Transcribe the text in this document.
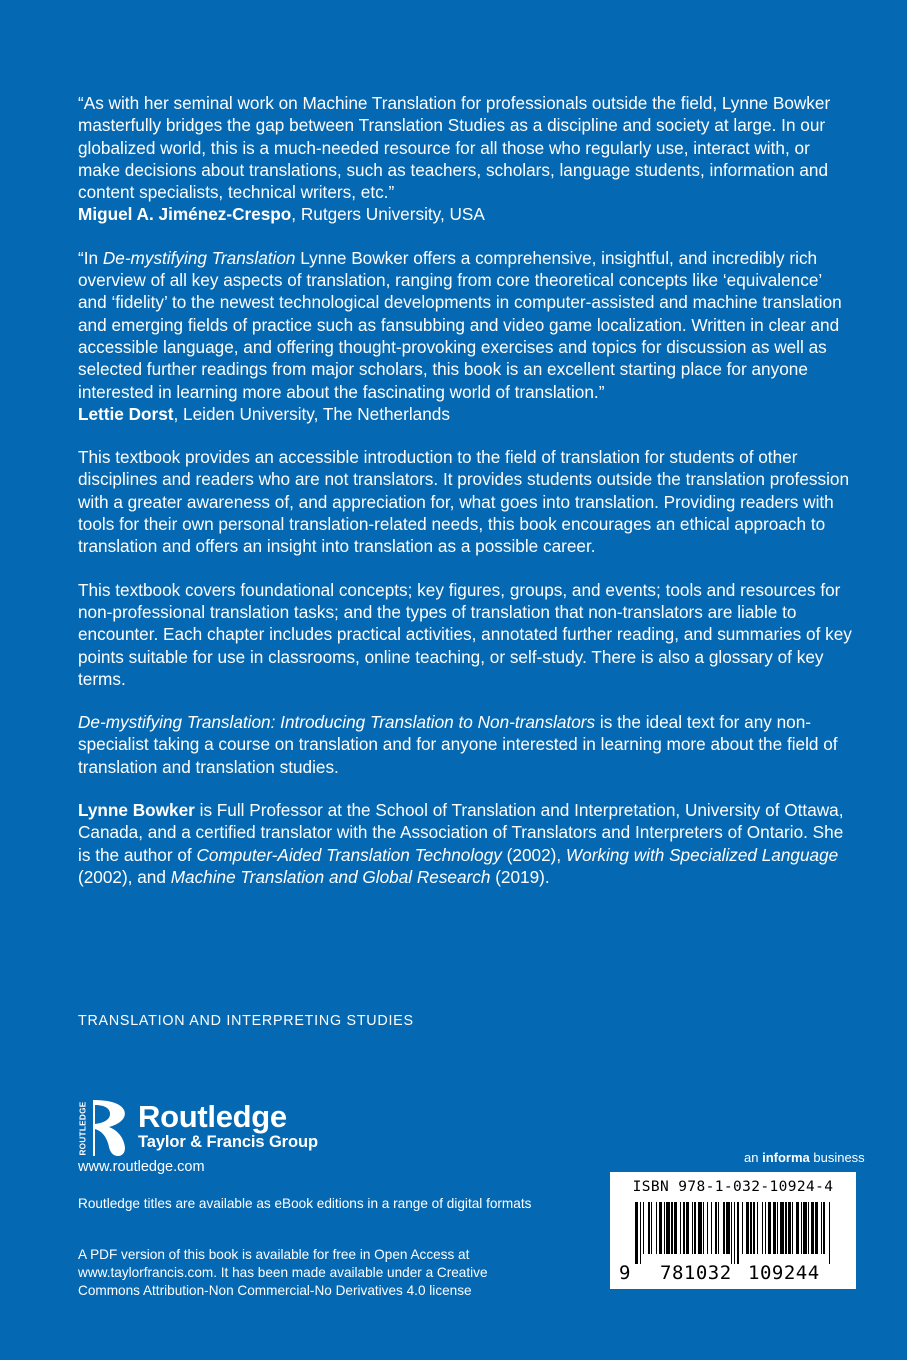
“As with her seminal work on Machine Translation for professionals outside the field, Lynne Bowker masterfully bridges the gap between Translation Studies as a discipline and society at large. In our globalized world, this is a much-needed resource for all those who regularly use, interact with, or make decisions about translations, such as teachers, scholars, language students, information and content specialists, technical writers, etc.”
Miguel A. Jiménez-Crespo, Rutgers University, USA

“In De-mystifying Translation Lynne Bowker offers a comprehensive, insightful, and incredibly rich overview of all key aspects of translation, ranging from core theoretical concepts like ‘equivalence’ and ‘fidelity’ to the newest technological developments in computer-assisted and machine translation and emerging fields of practice such as fansubbing and video game localization. Written in clear and accessible language, and offering thought-provoking exercises and topics for discussion as well as selected further readings from major scholars, this book is an excellent starting place for anyone interested in learning more about the fascinating world of translation.”
Lettie Dorst, Leiden University, The Netherlands

This textbook provides an accessible introduction to the field of translation for students of other disciplines and readers who are not translators. It provides students outside the translation profession with a greater awareness of, and appreciation for, what goes into translation. Providing readers with tools for their own personal translation-related needs, this book encourages an ethical approach to translation and offers an insight into translation as a possible career.

This textbook covers foundational concepts; key figures, groups, and events; tools and resources for non-professional translation tasks; and the types of translation that non-translators are liable to encounter. Each chapter includes practical activities, annotated further reading, and summaries of key points suitable for use in classrooms, online teaching, or self-study. There is also a glossary of key terms.

De-mystifying Translation: Introducing Translation to Non-translators is the ideal text for any non-specialist taking a course on translation and for anyone interested in learning more about the field of translation and translation studies.

Lynne Bowker is Full Professor at the School of Translation and Interpretation, University of Ottawa, Canada, and a certified translator with the Association of Translators and Interpreters of Ontario. She is the author of Computer-Aided Translation Technology (2002), Working with Specialized Language (2002), and Machine Translation and Global Research (2019).

TRANSLATION AND INTERPRETING STUDIES
ROUTLEDGE Routledge
Taylor & Francis Group
www.routledge.com
Routledge titles are available as eBook editions in a range of digital formats
A PDF version of this book is available for free in Open Access at
www.taylorfrancis.com. It has been made available under a Creative
Commons Attribution-Non Commercial-No Derivatives 4.0 license
an informa business
ISBN 978-1-032-10924-4
9 781032 109244
